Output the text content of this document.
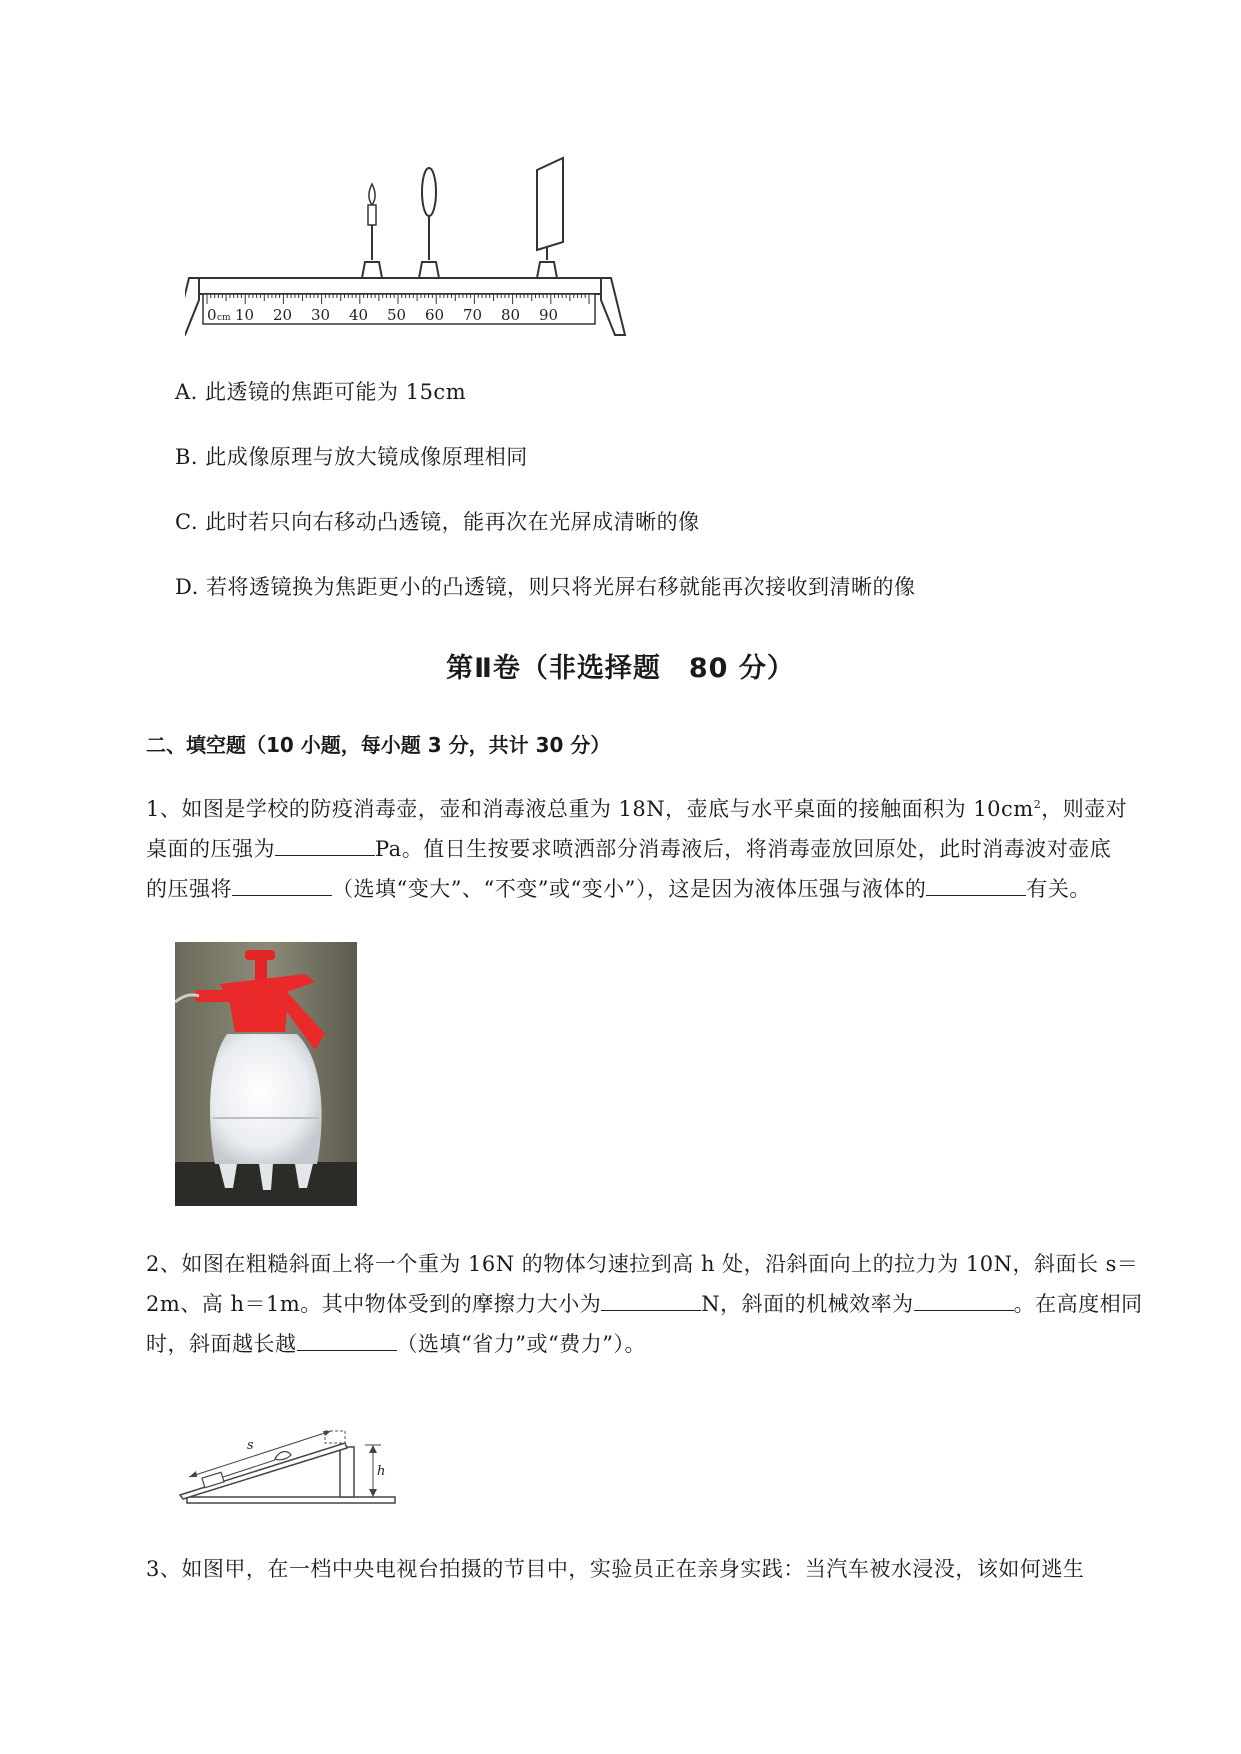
0 cm 10 20 30 40 50 60 70 80 90
A. 此透镜的焦距可能为 15cm
B. 此成像原理与放大镜成像原理相同
C. 此时若只向右移动凸透镜，能再次在光屏成清晰的像
D. 若将透镜换为焦距更小的凸透镜，则只将光屏右移就能再次接收到清晰的像
第Ⅱ卷（非选择题　80 分）
二、填空题（10 小题，每小题 3 分，共计 30 分）
1、如图是学校的防疫消毒壶，壶和消毒液总重为 18N，壶底与水平桌面的接触面积为 $10cm^2$，则壶对
桌面的压强为	Pa。值日生按要求喷洒部分消毒液后，将消毒壶放回原处，此时消毒波对壶底
的压强将	（选填“变大”、“不变”或“变小”），这是因为液体压强与液体的	有关。
2、如图在粗糙斜面上将一个重为 16N 的物体匀速拉到高 h 处，沿斜面向上的拉力为 10N，斜面长 s＝
2m、高 h＝1m。其中物体受到的摩擦力大小为	N，斜面的机械效率为	。在高度相同
时，斜面越长越	（选填“省力”或“费力”）。
s
h
3、如图甲，在一档中央电视台拍摄的节目中，实验员正在亲身实践：当汽车被水浸没，该如何逃生
